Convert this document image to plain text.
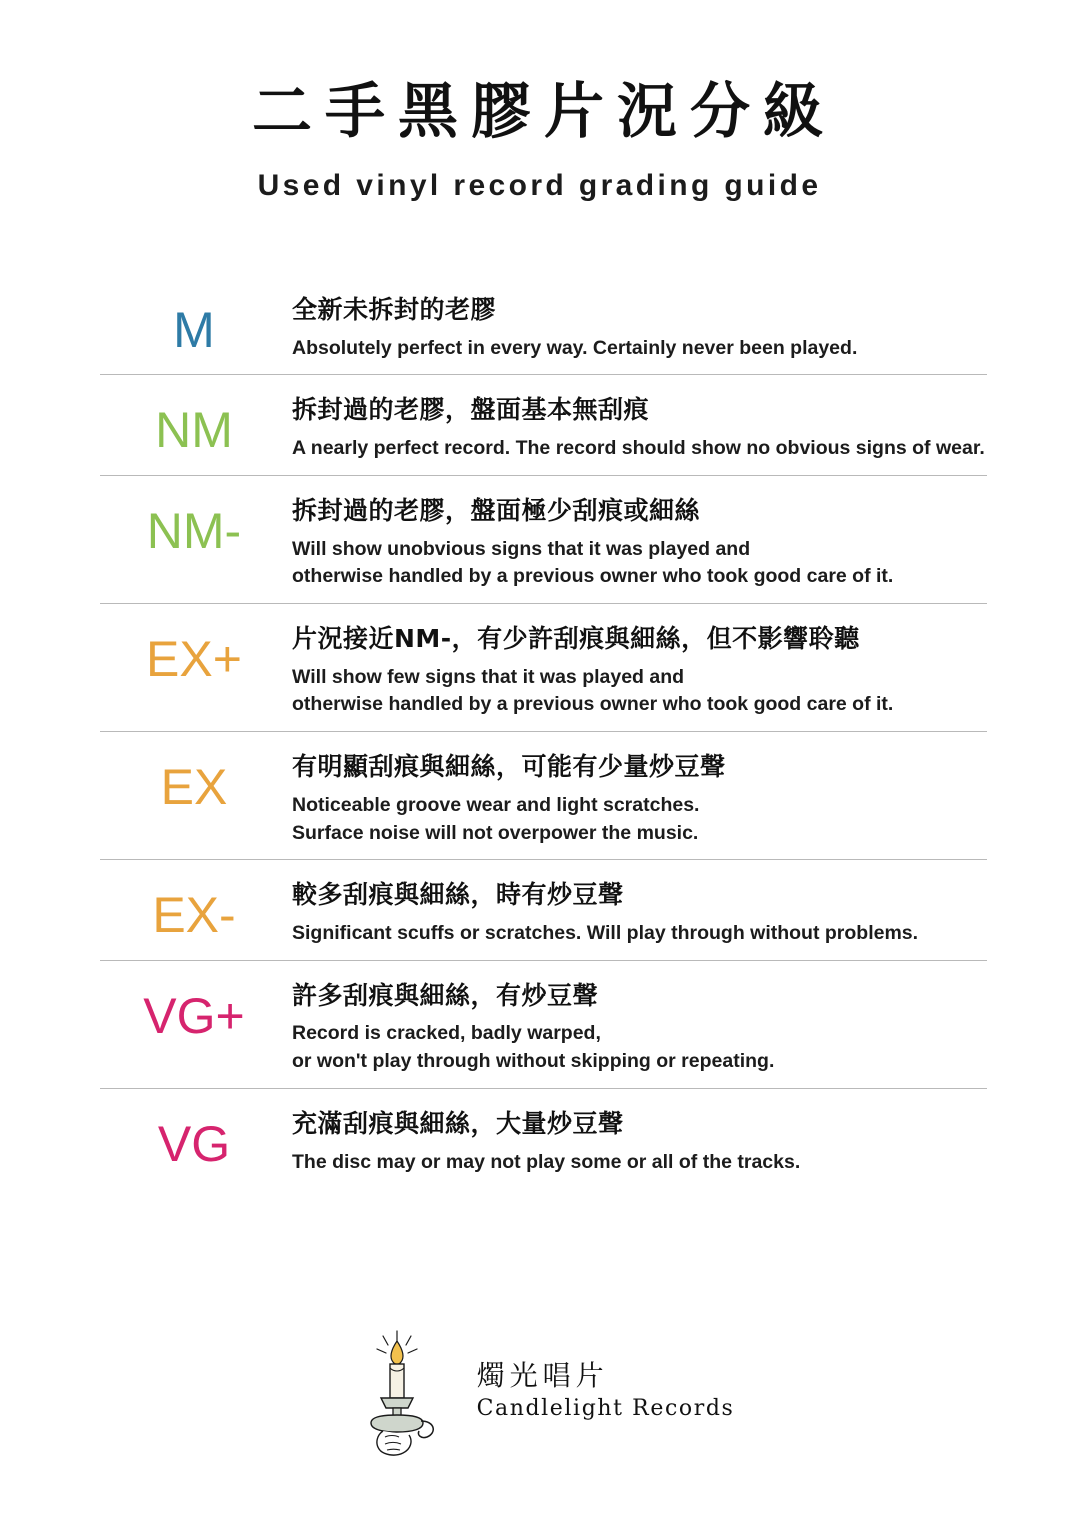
二手黑膠片況分級
Used vinyl record grading guide
M	全新未拆封的老膠
Absolutely perfect in every way. Certainly never been played.
NM	拆封過的老膠，盤面基本無刮痕
A nearly perfect record. The record should show no obvious signs of wear.
NM-	拆封過的老膠，盤面極少刮痕或細絲
Will show unobvious signs that it was played and
otherwise handled by a previous owner who took good care of it.
EX+	片況接近NM-，有少許刮痕與細絲，但不影響聆聽
Will show few signs that it was played and
otherwise handled by a previous owner who took good care of it.
EX	有明顯刮痕與細絲，可能有少量炒豆聲
Noticeable groove wear and light scratches.
Surface noise will not overpower the music.
EX-	較多刮痕與細絲，時有炒豆聲
Significant scuffs or scratches. Will play through without problems.
VG+	許多刮痕與細絲，有炒豆聲
Record is cracked, badly warped,
or won't play through without skipping or repeating.
VG	充滿刮痕與細絲，大量炒豆聲
The disc may or may not play some or all of the tracks.
燭光唱片
Candlelight Records
